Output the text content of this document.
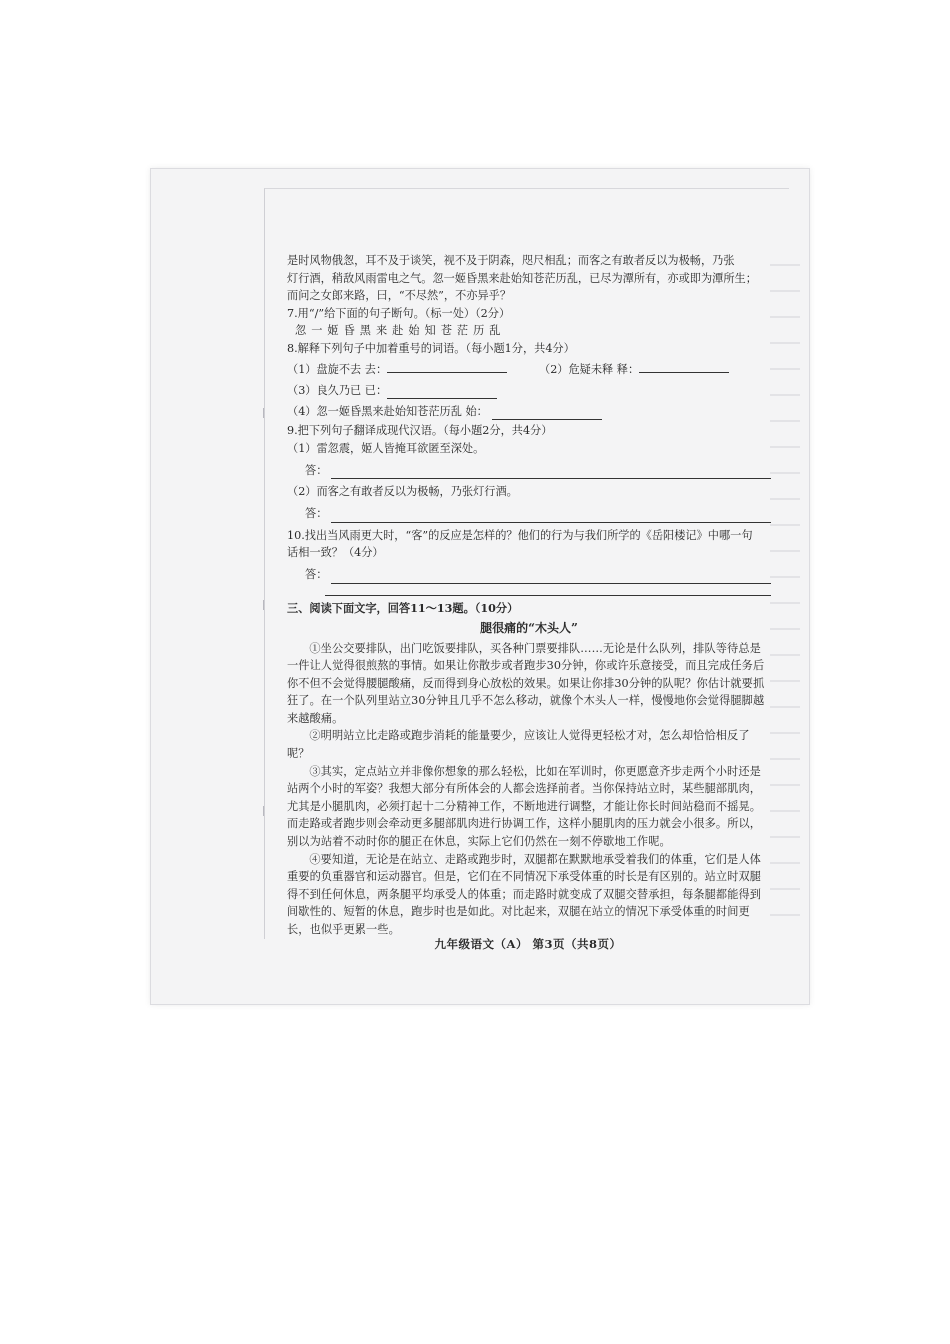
是时风物俄怱，耳不及于谈笑，视不及于阴森，咫尺相乱；而客之有敢者反以为极畅，乃张
灯行酒，稍敌风雨雷电之气。忽一姬昏黑来赴始知苍茫历乱，已尽为潭所有，亦或即为潭所生；
而问之女郎来路，曰，“不尽然”，不亦异乎？
7.用“/”给下面的句子断句。（标一处）（2分）
忽一姬昏黑来赴始知苍茫历乱
8.解释下列句子中加着重号的词语。（每小题1分，共4分）
（1）盘旋不去 去：	（2）危疑未释 释：
（3）良久乃已 已：
（4）忽一姬昏黑来赴始知苍茫历乱 始：
9.把下列句子翻译成现代汉语。（每小题2分，共4分）
（1）雷忽震，姬人皆掩耳欲匿至深处。
答：
（2）而客之有敢者反以为极畅，乃张灯行酒。
答：
10.找出当风雨更大时，“客”的反应是怎样的？他们的行为与我们所学的《岳阳楼记》中哪一句
话相一致？（4分）
答：
三、阅读下面文字，回答11～13题。（10分）
腿很痛的“木头人”
①坐公交要排队，出门吃饭要排队，买各种门票要排队……无论是什么队列，排队等待总是一件让人觉得很煎熬的事情。如果让你散步或者跑步30分钟，你或许乐意接受，而且完成任务后你不但不会觉得腰腿酸痛，反而得到身心放松的效果。如果让你排30分钟的队呢？你估计就要抓狂了。在一个队列里站立30分钟且几乎不怎么移动，就像个木头人一样，慢慢地你会觉得腿脚越来越酸痛。
②明明站立比走路或跑步消耗的能量要少，应该让人觉得更轻松才对，怎么却恰恰相反了呢？
③其实，定点站立并非像你想象的那么轻松，比如在军训时，你更愿意齐步走两个小时还是站两个小时的军姿？我想大部分有所体会的人都会选择前者。当你保持站立时，某些腿部肌肉，尤其是小腿肌肉，必须打起十二分精神工作，不断地进行调整，才能让你长时间站稳而不摇晃。而走路或者跑步则会牵动更多腿部肌肉进行协调工作，这样小腿肌肉的压力就会小很多。所以，别以为站着不动时你的腿正在休息，实际上它们仍然在一刻不停歇地工作呢。
④要知道，无论是在站立、走路或跑步时，双腿都在默默地承受着我们的体重，它们是人体重要的负重器官和运动器官。但是，它们在不同情况下承受体重的时长是有区别的。站立时双腿得不到任何休息，两条腿平均承受人的体重；而走路时就变成了双腿交替承担，每条腿都能得到间歇性的、短暂的休息，跑步时也是如此。对比起来，双腿在站立的情况下承受体重的时间更长，也似乎更累一些。
九年级语文（A） 第3页（共8页）
